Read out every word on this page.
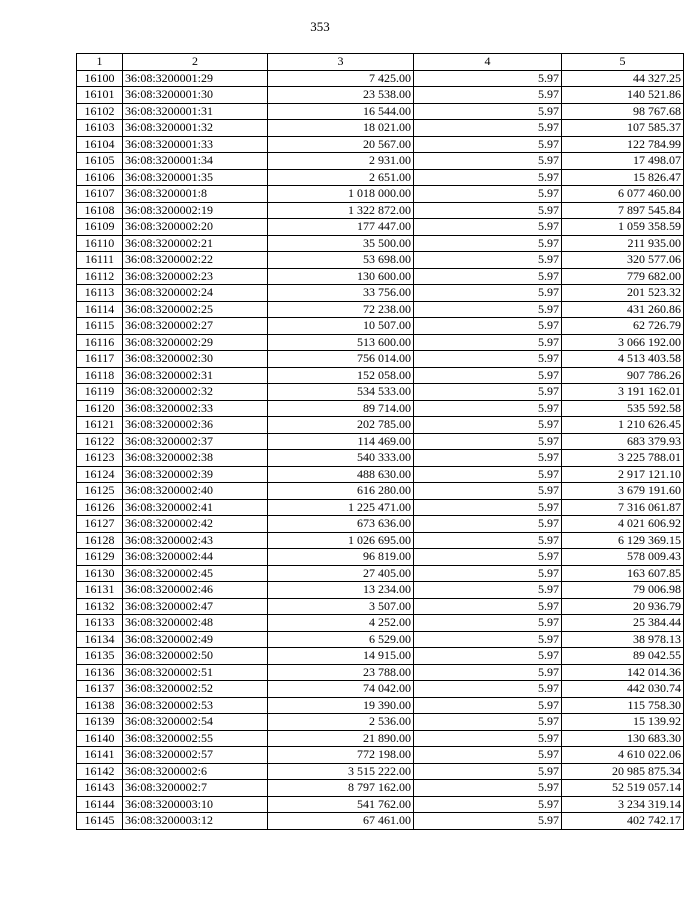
353
1	2	3	4	5
16100	36:08:3200001:29	7 425.00	5.97	44 327.25
16101	36:08:3200001:30	23 538.00	5.97	140 521.86
16102	36:08:3200001:31	16 544.00	5.97	98 767.68
16103	36:08:3200001:32	18 021.00	5.97	107 585.37
16104	36:08:3200001:33	20 567.00	5.97	122 784.99
16105	36:08:3200001:34	2 931.00	5.97	17 498.07
16106	36:08:3200001:35	2 651.00	5.97	15 826.47
16107	36:08:3200001:8	1 018 000.00	5.97	6 077 460.00
16108	36:08:3200002:19	1 322 872.00	5.97	7 897 545.84
16109	36:08:3200002:20	177 447.00	5.97	1 059 358.59
16110	36:08:3200002:21	35 500.00	5.97	211 935.00
16111	36:08:3200002:22	53 698.00	5.97	320 577.06
16112	36:08:3200002:23	130 600.00	5.97	779 682.00
16113	36:08:3200002:24	33 756.00	5.97	201 523.32
16114	36:08:3200002:25	72 238.00	5.97	431 260.86
16115	36:08:3200002:27	10 507.00	5.97	62 726.79
16116	36:08:3200002:29	513 600.00	5.97	3 066 192.00
16117	36:08:3200002:30	756 014.00	5.97	4 513 403.58
16118	36:08:3200002:31	152 058.00	5.97	907 786.26
16119	36:08:3200002:32	534 533.00	5.97	3 191 162.01
16120	36:08:3200002:33	89 714.00	5.97	535 592.58
16121	36:08:3200002:36	202 785.00	5.97	1 210 626.45
16122	36:08:3200002:37	114 469.00	5.97	683 379.93
16123	36:08:3200002:38	540 333.00	5.97	3 225 788.01
16124	36:08:3200002:39	488 630.00	5.97	2 917 121.10
16125	36:08:3200002:40	616 280.00	5.97	3 679 191.60
16126	36:08:3200002:41	1 225 471.00	5.97	7 316 061.87
16127	36:08:3200002:42	673 636.00	5.97	4 021 606.92
16128	36:08:3200002:43	1 026 695.00	5.97	6 129 369.15
16129	36:08:3200002:44	96 819.00	5.97	578 009.43
16130	36:08:3200002:45	27 405.00	5.97	163 607.85
16131	36:08:3200002:46	13 234.00	5.97	79 006.98
16132	36:08:3200002:47	3 507.00	5.97	20 936.79
16133	36:08:3200002:48	4 252.00	5.97	25 384.44
16134	36:08:3200002:49	6 529.00	5.97	38 978.13
16135	36:08:3200002:50	14 915.00	5.97	89 042.55
16136	36:08:3200002:51	23 788.00	5.97	142 014.36
16137	36:08:3200002:52	74 042.00	5.97	442 030.74
16138	36:08:3200002:53	19 390.00	5.97	115 758.30
16139	36:08:3200002:54	2 536.00	5.97	15 139.92
16140	36:08:3200002:55	21 890.00	5.97	130 683.30
16141	36:08:3200002:57	772 198.00	5.97	4 610 022.06
16142	36:08:3200002:6	3 515 222.00	5.97	20 985 875.34
16143	36:08:3200002:7	8 797 162.00	5.97	52 519 057.14
16144	36:08:3200003:10	541 762.00	5.97	3 234 319.14
16145	36:08:3200003:12	67 461.00	5.97	402 742.17
